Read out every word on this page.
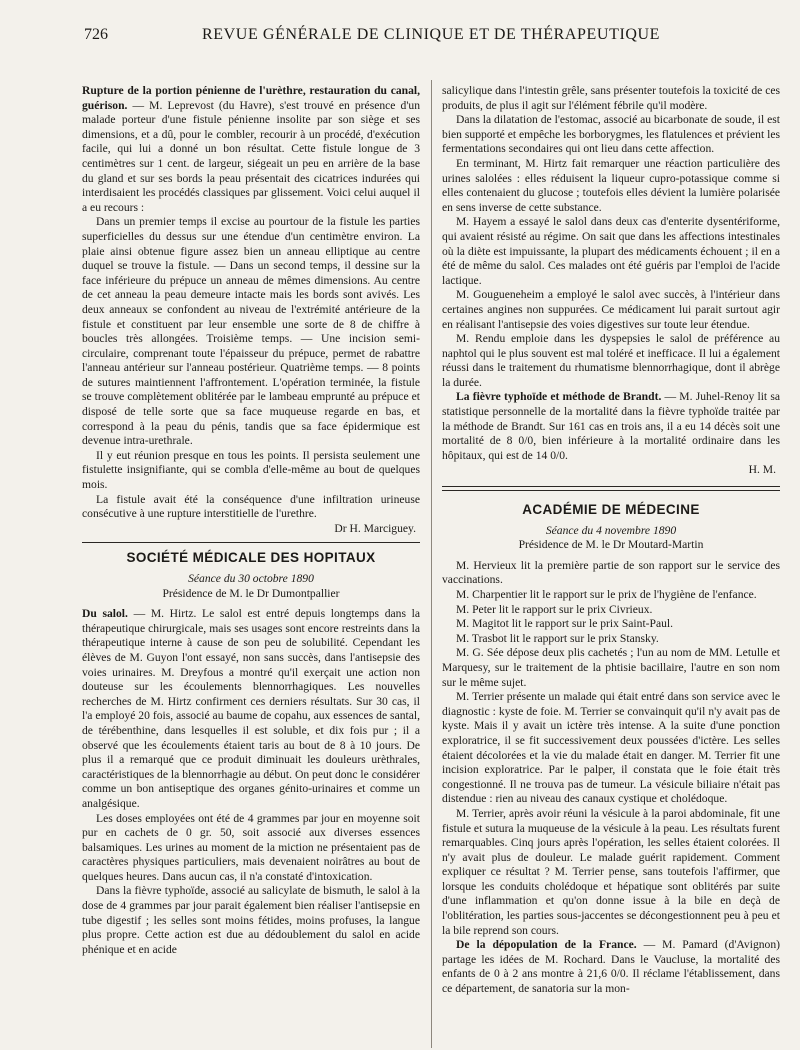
726	REVUE GÉNÉRALE DE CLINIQUE ET DE THÉRAPEUTIQUE

Rupture de la portion pénienne de l'urèthre, restauration du canal, guérison. — M. Leprevost (du Havre), s'est trouvé en présence d'un malade porteur d'une fistule pénienne insolite par son siège et ses dimensions, et a dû, pour le combler, recourir à un procédé, d'exécution facile, qui lui a donné un bon résultat. Cette fistule longue de 3 centimètres sur 1 cent. de largeur, siégeait un peu en arrière de la base du gland et sur ses bords la peau présentait des cicatrices indurées qui interdisaient les procédés classiques par glissement. Voici celui auquel il a eu recours :

Dans un premier temps il excise au pourtour de la fistule les parties superficielles du dessus sur une étendue d'un centimètre environ. La plaie ainsi obtenue figure assez bien un anneau elliptique au centre duquel se trouve la fistule. — Dans un second temps, il dessine sur la face inférieure du prépuce un anneau de mêmes dimensions. Au centre de cet anneau la peau demeure intacte mais les bords sont avivés. Les deux anneaux se confondent au niveau de l'extrémité antérieure de la fistule et constituent par leur ensemble une sorte de 8 de chiffre à boucles très allongées. Troisième temps. — Une incision semi-circulaire, comprenant toute l'épaisseur du prépuce, permet de rabattre l'anneau antérieur sur l'anneau postérieur. Quatrième temps. — 8 points de sutures maintiennent l'affrontement. L'opération terminée, la fistule se trouve complètement oblitérée par le lambeau emprunté au prépuce et disposé de telle sorte que sa face muqueuse regarde en bas, et correspond à la peau du pénis, tandis que sa face épidermique est devenue intra-urethrale.

Il y eut réunion presque en tous les points. Il persista seulement une fistulette insignifiante, qui se combla d'elle-même au bout de quelques mois.

La fistule avait été la conséquence d'une infiltration urineuse consécutive à une rupture interstitielle de l'urethre.

Dr H. Marciguey.

SOCIÉTÉ MÉDICALE DES HOPITAUX
Séance du 30 octobre 1890
Présidence de M. le Dr Dumontpallier

Du salol. — M. Hirtz. Le salol est entré depuis longtemps dans la thérapeutique chirurgicale, mais ses usages sont encore restreints dans la thérapeutique interne à cause de son peu de solubilité. Cependant les élèves de M. Guyon l'ont essayé, non sans succès, dans l'antisepsie des voies urinaires. M. Dreyfous a montré qu'il exerçait une action non douteuse sur les écoulements blennorrhagiques. Les nouvelles recherches de M. Hirtz confirment ces derniers résultats. Sur 30 cas, il l'a employé 20 fois, associé au baume de copahu, aux essences de santal, de térébenthine, dans lesquelles il est soluble, et dix fois pur ; il a observé que les écoulements étaient taris au bout de 8 à 10 jours. De plus il a remarqué que ce produit diminuait les douleurs urèthrales, caractéristiques de la blennorrhagie au début. On peut donc le considérer comme un bon antiseptique des organes génito-urinaires et comme un analgésique.

Les doses employées ont été de 4 grammes par jour en moyenne soit pur en cachets de 0 gr. 50, soit associé aux diverses essences balsamiques. Les urines au moment de la miction ne présentaient pas de caractères physiques particuliers, mais devenaient noirâtres au bout de quelques heures. Dans aucun cas, il n'a constaté d'intoxication.

Dans la fièvre typhoïde, associé au salicylate de bismuth, le salol à la dose de 4 grammes par jour parait également bien réaliser l'antisepsie en tube digestif ; les selles sont moins fétides, moins profuses, la langue plus propre. Cette action est due au dédoublement du salol en acide phénique et en acide

salicylique dans l'intestin grêle, sans présenter toutefois la toxicité de ces produits, de plus il agit sur l'élément fébrile qu'il modère.

Dans la dilatation de l'estomac, associé au bicarbonate de soude, il est bien supporté et empêche les borborygmes, les flatulences et prévient les fermentations secondaires qui ont lieu dans cette affection.

En terminant, M. Hirtz fait remarquer une réaction particulière des urines salolées : elles réduisent la liqueur cupro-potassique comme si elles contenaient du glucose ; toutefois elles dévient la lumière polarisée en sens inverse de cette substance.

M. Hayem a essayé le salol dans deux cas d'enterite dysentériforme, qui avaient résisté au régime. On sait que dans les affections intestinales où la diète est impuissante, la plupart des médicaments échouent ; il en a été de même du salol. Ces malades ont été guéris par l'emploi de l'acide lactique.

M. Gougueneheim a employé le salol avec succès, à l'intérieur dans certaines angines non suppurées. Ce médicament lui parait surtout agir en réalisant l'antisepsie des voies digestives sur toute leur étendue.

M. Rendu emploie dans les dyspepsies le salol de préférence au naphtol qui le plus souvent est mal toléré et inefficace. Il lui a également réussi dans le traitement du rhumatisme blennorrhagique, dont il abrège la durée.

La fièvre typhoïde et méthode de Brandt. — M. Juhel-Renoy lit sa statistique personnelle de la mortalité dans la fièvre typhoïde traitée par la méthode de Brandt. Sur 161 cas en trois ans, il a eu 14 décès soit une mortalité de 8 0/0, bien inférieure à la mortalité ordinaire dans les hôpitaux, qui est de 14 0/0.

H. M.

ACADÉMIE DE MÉDECINE
Séance du 4 novembre 1890
Présidence de M. le Dr Moutard-Martin

M. Hervieux lit la première partie de son rapport sur le service des vaccinations.

M. Charpentier lit le rapport sur le prix de l'hygiène de l'enfance.

M. Peter lit le rapport sur le prix Civrieux.

M. Magitot lit le rapport sur le prix Saint-Paul.

M. Trasbot lit le rapport sur le prix Stansky.

M. G. Sée dépose deux plis cachetés ; l'un au nom de MM. Letulle et Marquesy, sur le traitement de la phtisie bacillaire, l'autre en son nom sur le même sujet.

M. Terrier présente un malade qui était entré dans son service avec le diagnostic : kyste de foie. M. Terrier se convainquit qu'il n'y avait pas de kyste. Mais il y avait un ictère très intense. A la suite d'une ponction exploratrice, il se fit successivement deux poussées d'ictère. Les selles étaient décolorées et la vie du malade était en danger. M. Terrier fit une incision exploratrice. Par le palper, il constata que le foie était très congestionné. Il ne trouva pas de tumeur. La vésicule biliaire n'était pas distendue : rien au niveau des canaux cystique et cholédoque.

M. Terrier, après avoir réuni la vésicule à la paroi abdominale, fit une fistule et sutura la muqueuse de la vésicule à la peau. Les résultats furent remarquables. Cinq jours après l'opération, les selles étaient colorées. Il n'y avait plus de douleur. Le malade guérit rapidement. Comment expliquer ce résultat ? M. Terrier pense, sans toutefois l'affirmer, que lorsque les conduits cholédoque et hépatique sont oblitérés par suite d'une inflammation et qu'on donne issue à la bile en deçà de l'oblitération, les parties sous-jaccentes se décongestionnent peu à peu et la bile reprend son cours.

De la dépopulation de la France. — M. Pamard (d'Avignon) partage les idées de M. Rochard. Dans le Vaucluse, la mortalité des enfants de 0 à 2 ans montre à 21,6 0/0. Il réclame l'établissement, dans ce département, de sanatoria sur la mon-
